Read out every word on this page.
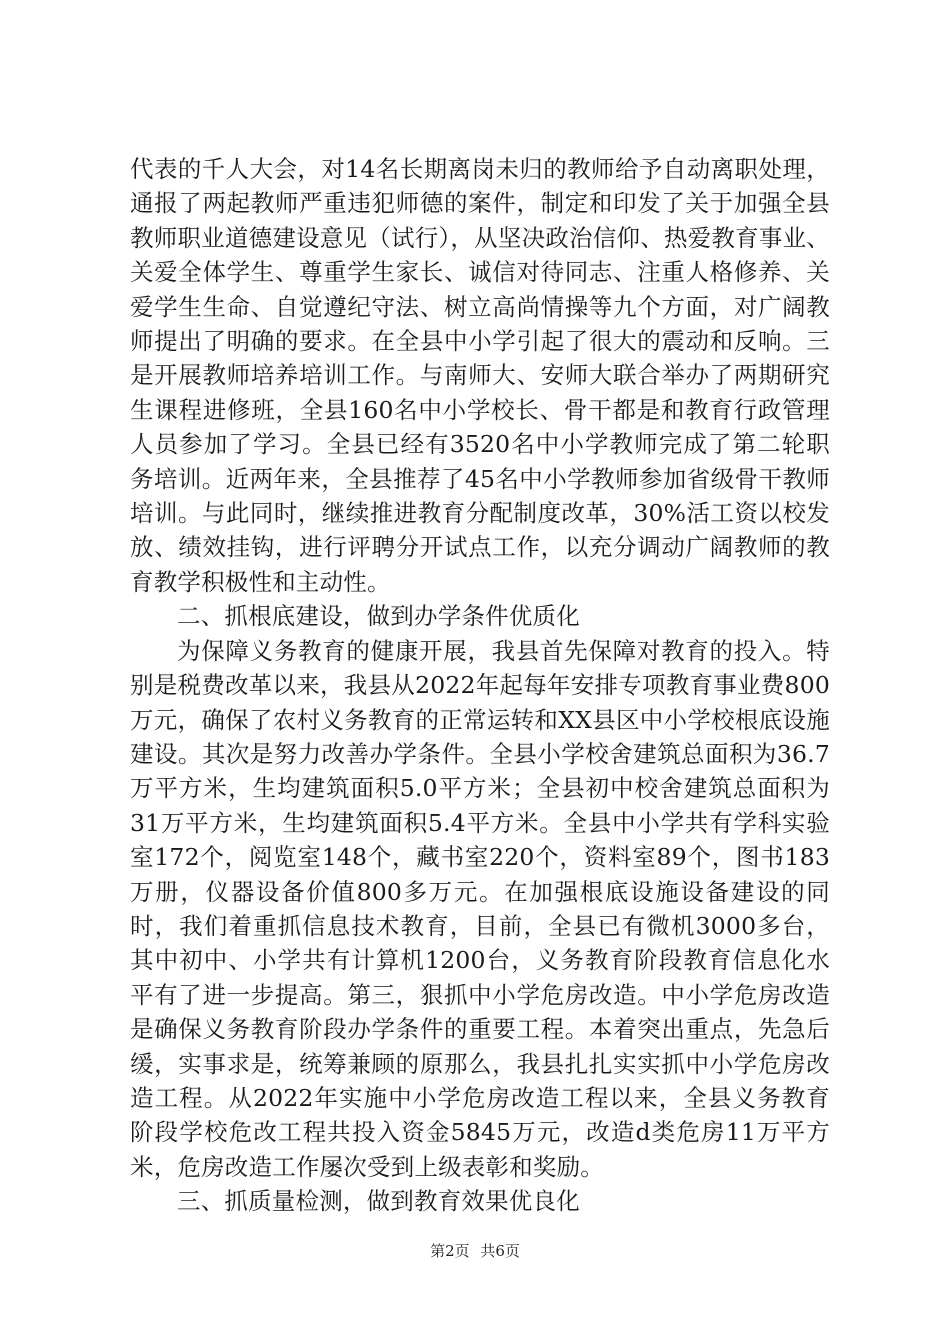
代表的千人大会，对14名长期离岗未归的教师给予自动离职处理，通报了两起教师严重违犯师德的案件，制定和印发了关于加强全县教师职业道德建设意见（试行），从坚决政治信仰、热爱教育事业、关爱全体学生、尊重学生家长、诚信对待同志、注重人格修养、关爱学生生命、自觉遵纪守法、树立高尚情操等九个方面，对广阔教师提出了明确的要求。在全县中小学引起了很大的震动和反响。三是开展教师培养培训工作。与南师大、安师大联合举办了两期研究生课程进修班，全县160名中小学校长、骨干都是和教育行政管理人员参加了学习。全县已经有3520名中小学教师完成了第二轮职务培训。近两年来，全县推荐了45名中小学教师参加省级骨干教师培训。与此同时，继续推进教育分配制度改革，30%活工资以校发放、绩效挂钩，进行评聘分开试点工作，以充分调动广阔教师的教育教学积极性和主动性。

二、抓根底建设，做到办学条件优质化

为保障义务教育的健康开展，我县首先保障对教育的投入。特别是税费改革以来，我县从2022年起每年安排专项教育事业费800万元，确保了农村义务教育的正常运转和XX县区中小学校根底设施建设。其次是努力改善办学条件。全县小学校舍建筑总面积为36.7万平方米，生均建筑面积5.0平方米；全县初中校舍建筑总面积为31万平方米，生均建筑面积5.4平方米。全县中小学共有学科实验室172个，阅览室148个，藏书室220个，资料室89个，图书183万册，仪器设备价值800多万元。在加强根底设施设备建设的同时，我们着重抓信息技术教育，目前，全县已有微机3000多台，其中初中、小学共有计算机1200台，义务教育阶段教育信息化水平有了进一步提高。第三，狠抓中小学危房改造。中小学危房改造是确保义务教育阶段办学条件的重要工程。本着突出重点，先急后缓，实事求是，统筹兼顾的原那么，我县扎扎实实抓中小学危房改造工程。从2022年实施中小学危房改造工程以来，全县义务教育阶段学校危改工程共投入资金5845万元，改造d类危房11万平方米，危房改造工作屡次受到上级表彰和奖励。

三、抓质量检测，做到教育效果优良化

第2页 共6页
